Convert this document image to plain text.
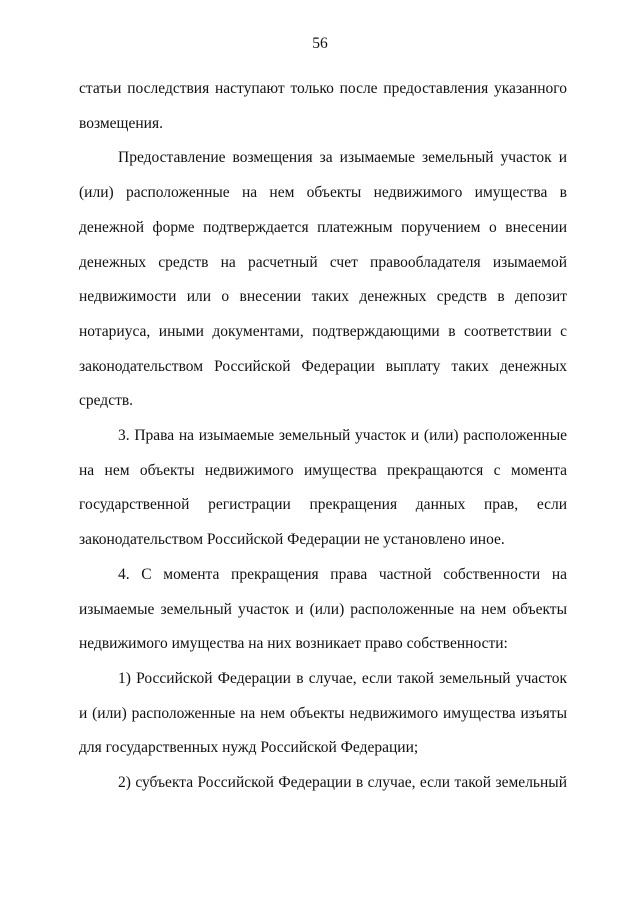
56

статьи последствия наступают только после предоставления указанного возмещения.

Предоставление возмещения за изымаемые земельный участок и (или) расположенные на нем объекты недвижимого имущества в денежной форме подтверждается платежным поручением о внесении денежных средств на расчетный счет правообладателя изымаемой недвижимости или о внесении таких денежных средств в депозит нотариуса, иными документами, подтверждающими в соответствии с законодательством Российской Федерации выплату таких денежных средств.

3. Права на изымаемые земельный участок и (или) расположенные на нем объекты недвижимого имущества прекращаются с момента государственной регистрации прекращения данных прав, если законодательством Российской Федерации не установлено иное.

4. С момента прекращения права частной собственности на изымаемые земельный участок и (или) расположенные на нем объекты недвижимого имущества на них возникает право собственности:

1) Российской Федерации в случае, если такой земельный участок и (или) расположенные на нем объекты недвижимого имущества изъяты для государственных нужд Российской Федерации;

2) субъекта Российской Федерации в случае, если такой земельный
